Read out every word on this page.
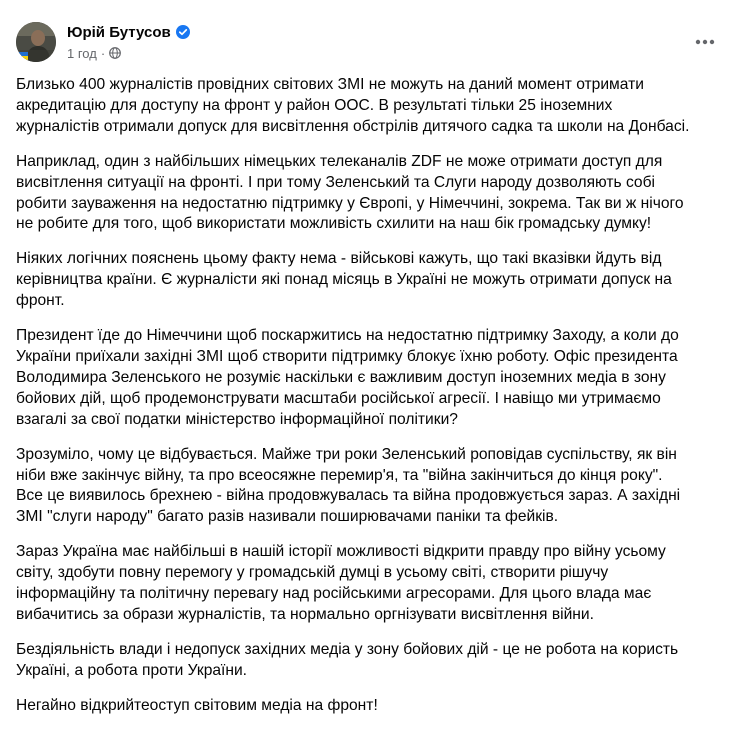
Юрій Бутусов
1 год ·

Близько 400 журналістів провідних світових ЗМІ не можуть на даний момент отримати
акредитацію для доступу на фронт у район ООС. В результаті тільки 25 іноземних
журналістів отримали допуск для висвітлення обстрілів дитячого садка та школи на Донбасі.

Наприклад, один з найбільших німецьких телеканалів ZDF не може отримати доступ для
висвітлення ситуації на фронті. І при тому Зеленський та Слуги народу дозволяють собі
робити зауваження на недостатню підтримку у Європі, у Німеччині, зокрема. Так ви ж нічого
не робите для того, щоб використати можливість схилити на наш бік громадську думку!

Ніяких логічних пояснень цьому факту нема - військові кажуть, що такі вказівки йдуть від
керівництва країни. Є журналісти які понад місяць в Україні не можуть отримати допуск на
фронт.

Президент їде до Німеччини щоб поскаржитись на недостатню підтримку Заходу, а коли до
України приїхали західні ЗМІ щоб створити підтримку блокує їхню роботу. Офіс президента
Володимира Зеленського не розуміє наскільки є важливим доступ іноземних медіа в зону
бойових дій, щоб продемонструвати масштаби російської агресії. І навіщо ми утримаємо
взагалі за свої податки міністерство інформаційної політики?

Зрозуміло, чому це відбувається. Майже три роки Зеленський роповідав суспільству, як він
ніби вже закінчує війну, та про всеосяжне перемир'я, та "війна закінчиться до кінця року".
Все це виявилось брехнею - війна продовжувалась та війна продовжується зараз. А західні
ЗМІ "слуги народу" багато разів називали поширювачами паніки та фейків.

Зараз Україна має найбільші в нашій історії можливості відкрити правду про війну усьому
світу, здобути повну перемогу у громадській думці в усьому світі, створити рішучу
інформаційну та політичну перевагу над російськими агресорами. Для цього влада має
вибачитись за образи журналістів, та нормально оргнізувати висвітлення війни.

Бездіяльність влади і недопуск західних медіа у зону бойових дій - це не робота на користь
Україні, а робота проти України.

Негайно відкрийтеоступ світовим медіа на фронт!
